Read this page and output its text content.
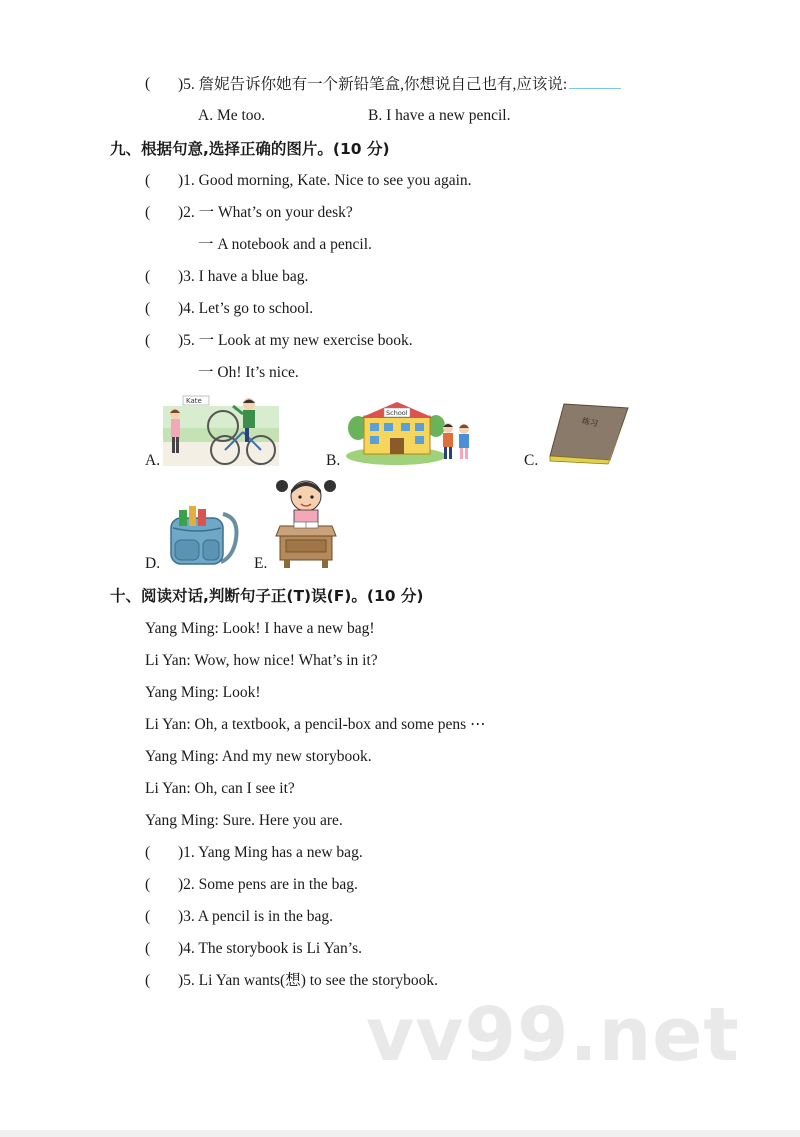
( )5. 詹妮告诉你她有一个新铅笔盒,你想说自己也有,应该说:
A. Me too.	B. I have a new pencil.
九、根据句意,选择正确的图片。(10 分)
( )1. Good morning, Kate. Nice to see you again.
( )2. 一 What’s on your desk?
一 A notebook and a pencil.
( )3. I have a blue bag.
( )4. Let’s go to school.
( )5. 一 Look at my new exercise book.
一 Oh! It’s nice.
A.
Kate
B.
School
C.
练习
D.	E.
十、阅读对话,判断句子正(T)误(F)。(10 分)
Yang Ming: Look! I have a new bag!
Li Yan: Wow, how nice! What’s in it?
Yang Ming: Look!
Li Yan: Oh, a textbook, a pencil-box and some pens ⋯
Yang Ming: And my new storybook.
Li Yan: Oh, can I see it?
Yang Ming: Sure. Here you are.
( )1. Yang Ming has a new bag.
( )2. Some pens are in the bag.
( )3. A pencil is in the bag.
( )4. The storybook is Li Yan’s.
( )5. Li Yan wants(想) to see the storybook.
vv99.net
